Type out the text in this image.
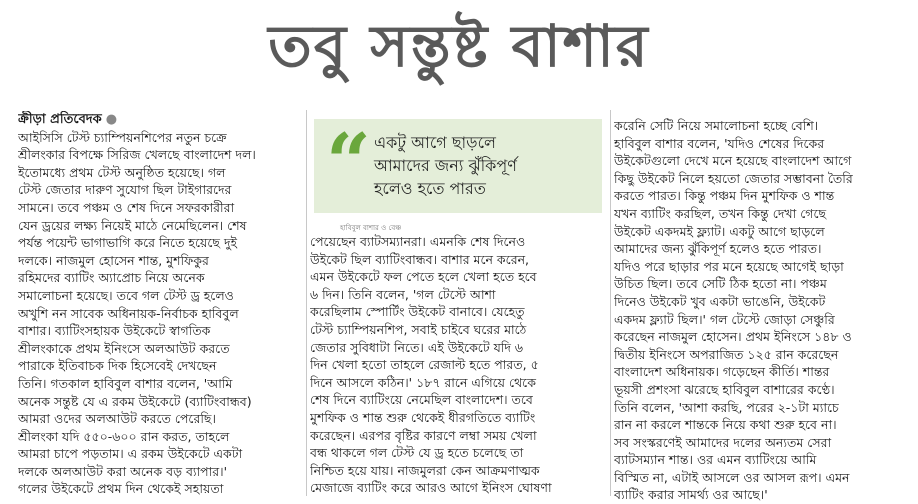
তবু সন্তুষ্ট বাশার
ক্রীড়া প্রতিবেদক ●
আইসিসি টেস্ট চ্যাম্পিয়নশিপের নতুন চক্রে
শ্রীলংকার বিপক্ষে সিরিজ খেলছে বাংলাদেশ দল।
ইতোমধ্যে প্রথম টেস্ট অনুষ্ঠিত হয়েছে। গল
টেস্ট জেতার দারুণ সুযোগ ছিল টাইগারদের
সামনে। তবে পঞ্চম ও শেষ দিনে সফরকারীরা
যেন ড্রয়ের লক্ষ্য নিয়েই মাঠে নেমেছিলেন। শেষ
পর্যন্ত পয়েন্ট ভাগাভাগি করে নিতে হয়েছে দুই
দলকে। নাজমুল হোসেন শান্ত, মুশফিকুর
রহিমদের ব্যাটিং অ্যাপ্রোচ নিয়ে অনেক
সমালোচনা হয়েছে। তবে গল টেস্ট ড্র হলেও
অখুশি নন সাবেক অধিনায়ক-নির্বাচক হাবিবুল
বাশার। ব্যাটিংসহায়ক উইকেটে স্বাগতিক
শ্রীলংকাকে প্রথম ইনিংসে অলআউট করতে
পারাকে ইতিবাচক দিক হিসেবেই দেখছেন
তিনি। গতকাল হাবিবুল বাশার বলেন, 'আমি
অনেক সন্তুষ্ট যে এ রকম উইকেটে (ব্যাটিংবান্ধব)
আমরা ওদের অলআউট করতে পেরেছি।
শ্রীলংকা যদি ৫৫০-৬০০ রান করত, তাহলে
আমরা চাপে পড়তাম। এ রকম উইকেটে একটা
দলকে অলআউট করা অনেক বড় ব্যাপার।'
গলের উইকেটে প্রথম দিন থেকেই সহায়তা
“ একটু আগে ছাড়লে
আমাদের জন্য ঝুঁকিপূর্ণ
হলেও হতে পারত
হাবিবুল বাশার ও বেঞ্চ
পেয়েছেন ব্যাটসম্যানরা। এমনকি শেষ দিনেও
উইকেট ছিল ব্যাটিংবান্ধব। বাশার মনে করেন,
এমন উইকেটে ফল পেতে হলে খেলা হতে হবে
৬ দিন। তিনি বলেন, 'গল টেস্টে আশা
করেছিলাম স্পোর্টিং উইকেট বানাবে। যেহেতু
টেস্ট চ্যাম্পিয়নশিপ, সবাই চাইবে ঘরের মাঠে
জেতার সুবিধাটা নিতে। এই উইকেটে যদি ৬
দিন খেলা হতো তাহলে রেজাল্ট হতে পারত, ৫
দিনে আসলে কঠিন।' ১৮৭ রানে এগিয়ে থেকে
শেষ দিনে ব্যাটিংয়ে নেমেছিল বাংলাদেশ। তবে
মুশফিক ও শান্ত শুরু থেকেই ধীরগতিতে ব্যাটিং
করেছেন। এরপর বৃষ্টির কারণে লম্বা সময় খেলা
বন্ধ থাকলে গল টেস্ট যে ড্র হতে চলেছে তা
নিশ্চিত হয়ে যায়। নাজমুলরা কেন আক্রমণাত্মক
মেজাজে ব্যাটিং করে আরও আগে ইনিংস ঘোষণা
করেনি সেটি নিয়ে সমালোচনা হচ্ছে বেশি।
হাবিবুল বাশার বলেন, 'যদিও শেষের দিকের
উইকেটগুলো দেখে মনে হয়েছে বাংলাদেশ আগে
কিছু উইকেট নিলে হয়তো জেতার সম্ভাবনা তৈরি
করতে পারত। কিন্তু পঞ্চম দিন মুশফিক ও শান্ত
যখন ব্যাটিং করছিল, তখন কিন্তু দেখা গেছে
উইকেট একদমই ফ্ল্যাট। একটু আগে ছাড়লে
আমাদের জন্য ঝুঁকিপূর্ণ হলেও হতে পারত।
যদিও পরে ছাড়ার পর মনে হয়েছে আগেই ছাড়া
উচিত ছিল। তবে সেটি ঠিক হতো না। পঞ্চম
দিনেও উইকেট খুব একটা ভাঙেনি, উইকেট
একদম ফ্ল্যাট ছিল।' গল টেস্টে জোড়া সেঞ্চুরি
করেছেন নাজমুল হোসেন। প্রথম ইনিংসে ১৪৮ ও
দ্বিতীয় ইনিংসে অপরাজিত ১২৫ রান করেছেন
বাংলাদেশ অধিনায়ক। গড়েছেন কীর্তি। শান্তর
ভূয়সী প্রশংসা ঝরেছে হাবিবুল বাশারের কণ্ঠে।
তিনি বলেন, 'আশা করছি, পরের ২-১টা ম্যাচে
রান না করলে শান্তকে নিয়ে কথা শুরু হবে না।
সব সংস্করণেই আমাদের দলের অন্যতম সেরা
ব্যাটসম্যান শান্ত। ওর এমন ব্যাটিংয়ে আমি
বিস্মিত না, এটাই আসলে ওর আসল রূপ। এমন
ব্যাটিং করার সামর্থ্য ওর আছে।'
